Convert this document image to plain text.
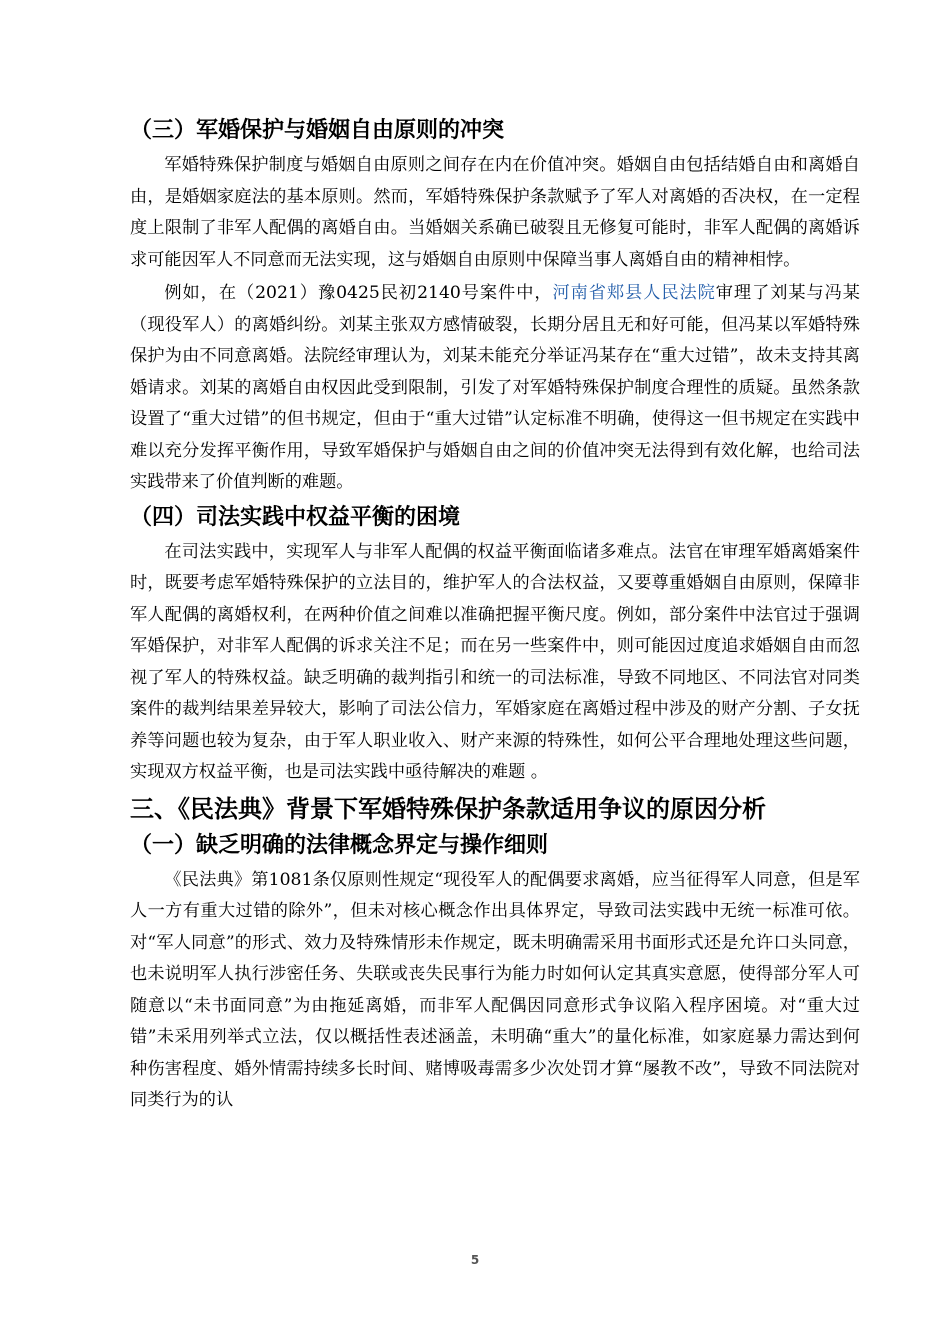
（三）军婚保护与婚姻自由原则的冲突

军婚特殊保护制度与婚姻自由原则之间存在内在价值冲突。婚姻自由包括结婚自由和离婚自由，是婚姻家庭法的基本原则。然而，军婚特殊保护条款赋予了军人对离婚的否决权，在一定程度上限制了非军人配偶的离婚自由。当婚姻关系确已破裂且无修复可能时，非军人配偶的离婚诉求可能因军人不同意而无法实现，这与婚姻自由原则中保障当事人离婚自由的精神相悖。

例如，在（2021）豫0425民初2140号案件中，河南省郏县人民法院审理了刘某与冯某（现役军人）的离婚纠纷。刘某主张双方感情破裂，长期分居且无和好可能，但冯某以军婚特殊保护为由不同意离婚。法院经审理认为，刘某未能充分举证冯某存在“重大过错”，故未支持其离婚请求。刘某的离婚自由权因此受到限制，引发了对军婚特殊保护制度合理性的质疑。虽然条款设置了“重大过错”的但书规定，但由于“重大过错”认定标准不明确，使得这一但书规定在实践中难以充分发挥平衡作用，导致军婚保护与婚姻自由之间的价值冲突无法得到有效化解，也给司法实践带来了价值判断的难题。

（四）司法实践中权益平衡的困境

在司法实践中，实现军人与非军人配偶的权益平衡面临诸多难点。法官在审理军婚离婚案件时，既要考虑军婚特殊保护的立法目的，维护军人的合法权益，又要尊重婚姻自由原则，保障非军人配偶的离婚权利，在两种价值之间难以准确把握平衡尺度。例如，部分案件中法官过于强调军婚保护，对非军人配偶的诉求关注不足；而在另一些案件中，则可能因过度追求婚姻自由而忽视了军人的特殊权益。缺乏明确的裁判指引和统一的司法标准，导致不同地区、不同法官对同类案件的裁判结果差异较大，影响了司法公信力，军婚家庭在离婚过程中涉及的财产分割、子女抚养等问题也较为复杂，由于军人职业收入、财产来源的特殊性，如何公平合理地处理这些问题，实现双方权益平衡，也是司法实践中亟待解决的难题 。

三、《民法典》背景下军婚特殊保护条款适用争议的原因分析
（一）缺乏明确的法律概念界定与操作细则

《民法典》第1081条仅原则性规定“现役军人的配偶要求离婚，应当征得军人同意，但是军人一方有重大过错的除外”，但未对核心概念作出具体界定，导致司法实践中无统一标准可依。对“军人同意”的形式、效力及特殊情形未作规定，既未明确需采用书面形式还是允许口头同意，也未说明军人执行涉密任务、失联或丧失民事行为能力时如何认定其真实意愿，使得部分军人可随意以“未书面同意”为由拖延离婚，而非军人配偶因同意形式争议陷入程序困境。对“重大过错”未采用列举式立法，仅以概括性表述涵盖，未明确“重大”的量化标准，如家庭暴力需达到何种伤害程度、婚外情需持续多长时间、赌博吸毒需多少次处罚才算“屡教不改”，导致不同法院对同类行为的认

5
